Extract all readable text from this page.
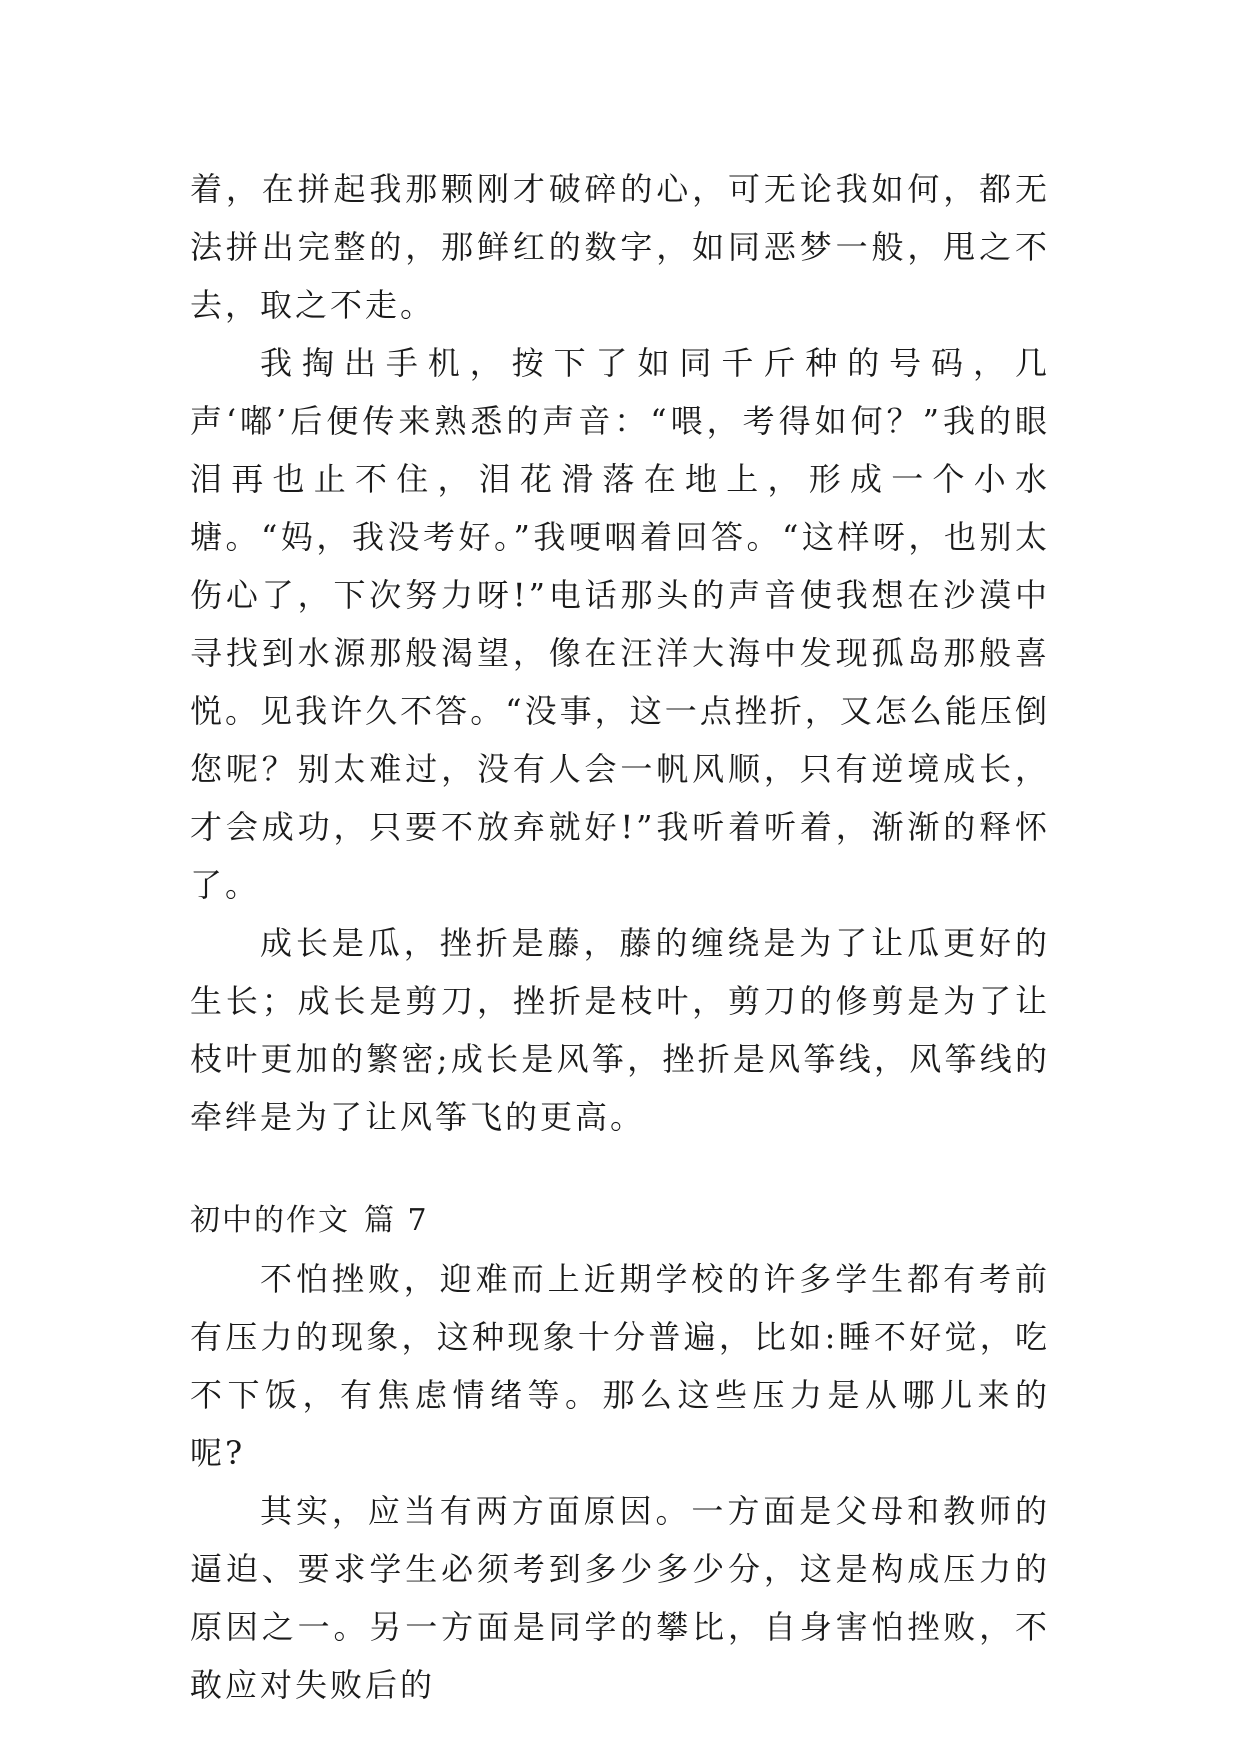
着，在拼起我那颗刚才破碎的心，可无论我如何，都无法拼出完整的，那鲜红的数字，如同恶梦一般，甩之不去，取之不走。

我掏出手机，按下了如同千斤种的号码，几声‘嘟’后便传来熟悉的声音：“喂，考得如何？”我的眼泪再也止不住，泪花滑落在地上，形成一个小水塘。“妈，我没考好。”我哽咽着回答。“这样呀，也别太伤心了，下次努力呀!”电话那头的声音使我想在沙漠中寻找到水源那般渴望，像在汪洋大海中发现孤岛那般喜悦。见我许久不答。“没事，这一点挫折，又怎么能压倒您呢？别太难过，没有人会一帆风顺，只有逆境成长，才会成功，只要不放弃就好!”我听着听着，渐渐的释怀了。

成长是瓜，挫折是藤，藤的缠绕是为了让瓜更好的生长；成长是剪刀，挫折是枝叶，剪刀的修剪是为了让枝叶更加的繁密;成长是风筝，挫折是风筝线，风筝线的牵绊是为了让风筝飞的更高。

初中的作文 篇 7

不怕挫败，迎难而上近期学校的许多学生都有考前有压力的现象，这种现象十分普遍，比如:睡不好觉，吃不下饭，有焦虑情绪等。那么这些压力是从哪儿来的呢?

其实，应当有两方面原因。一方面是父母和教师的逼迫、要求学生必须考到多少多少分，这是构成压力的原因之一。另一方面是同学的攀比，自身害怕挫败，不敢应对失败后的
